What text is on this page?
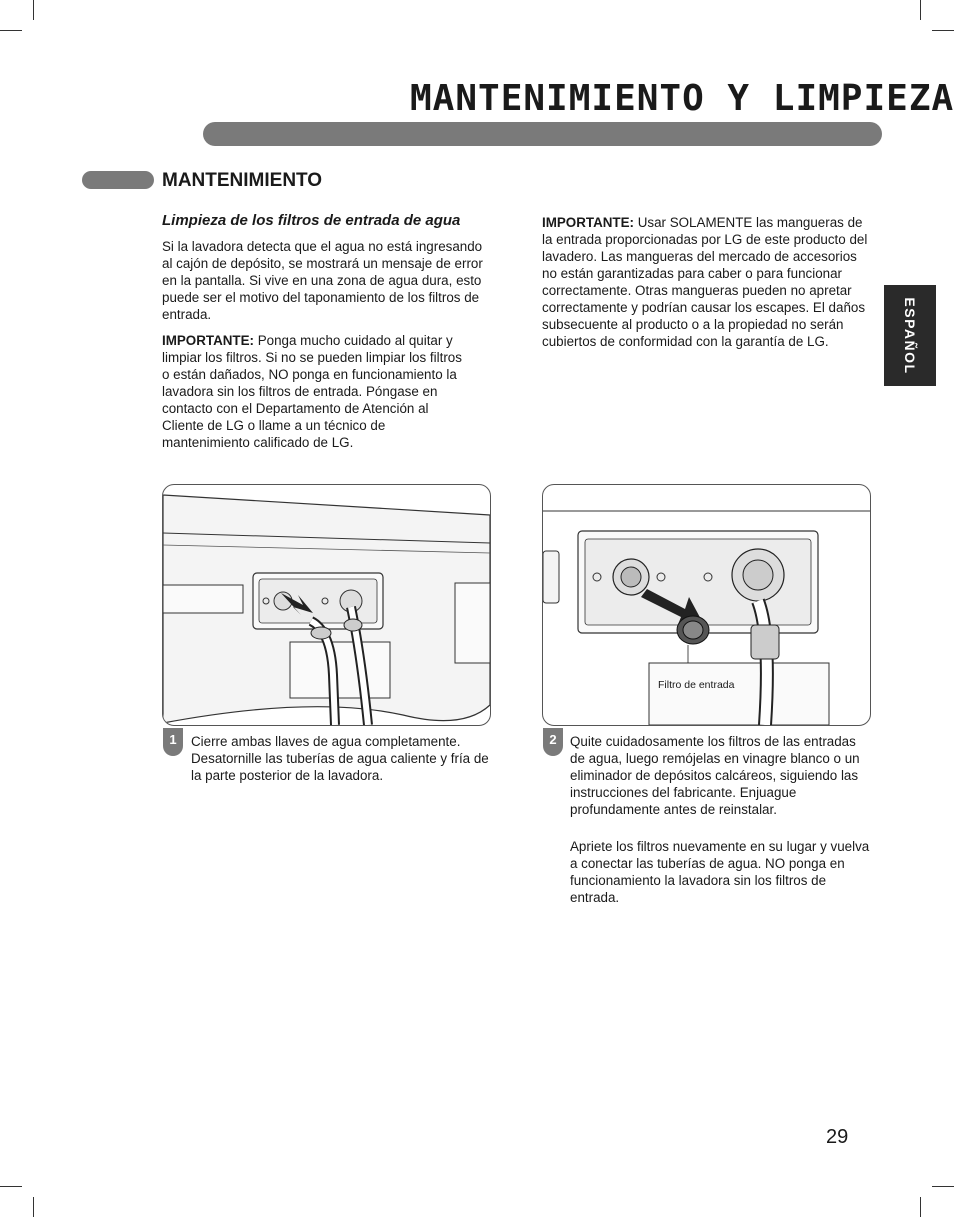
MANTENIMIENTO Y LIMPIEZA
MANTENIMIENTO
ESPAÑOL
Limpieza de los filtros de entrada de agua

Si la lavadora detecta que el agua no está ingresando al cajón de depósito, se mostrará un mensaje de error en la pantalla. Si vive en una zona de agua dura, esto puede ser el motivo del taponamiento de los filtros de entrada.

IMPORTANTE: Ponga mucho cuidado al quitar y limpiar los filtros. Si no se pueden limpiar los filtros o están dañados, NO ponga en funcionamiento la lavadora sin los filtros de entrada. Póngase en contacto con el Departamento de Atención al Cliente de LG o llame a un técnico de mantenimiento calificado de LG.

IMPORTANTE: Usar SOLAMENTE las mangueras de la entrada proporcionadas por LG de este producto del lavadero. Las mangueras del mercado de accesorios no están garantizadas para caber o para funcionar correctamente. Otras mangueras pueden no apretar correctamente y podrían causar los escapes. El daños subsecuente al producto o a la propiedad no serán cubiertos de conformidad con la garantía de LG.

Filtro de entrada
1	Cierre ambas llaves de agua completamente. Desatornille las tuberías de agua caliente y fría de la parte posterior de la lavadora.

2 Quite cuidadosamente los filtros de las entradas de agua, luego remójelas en vinagre blanco o un eliminador de depósitos calcáreos, siguiendo las instrucciones del fabricante. Enjuague profundamente antes de reinstalar.

Apriete los filtros nuevamente en su lugar y vuelva a conectar las tuberías de agua. NO ponga en funcionamiento la lavadora sin los filtros de entrada.

29
